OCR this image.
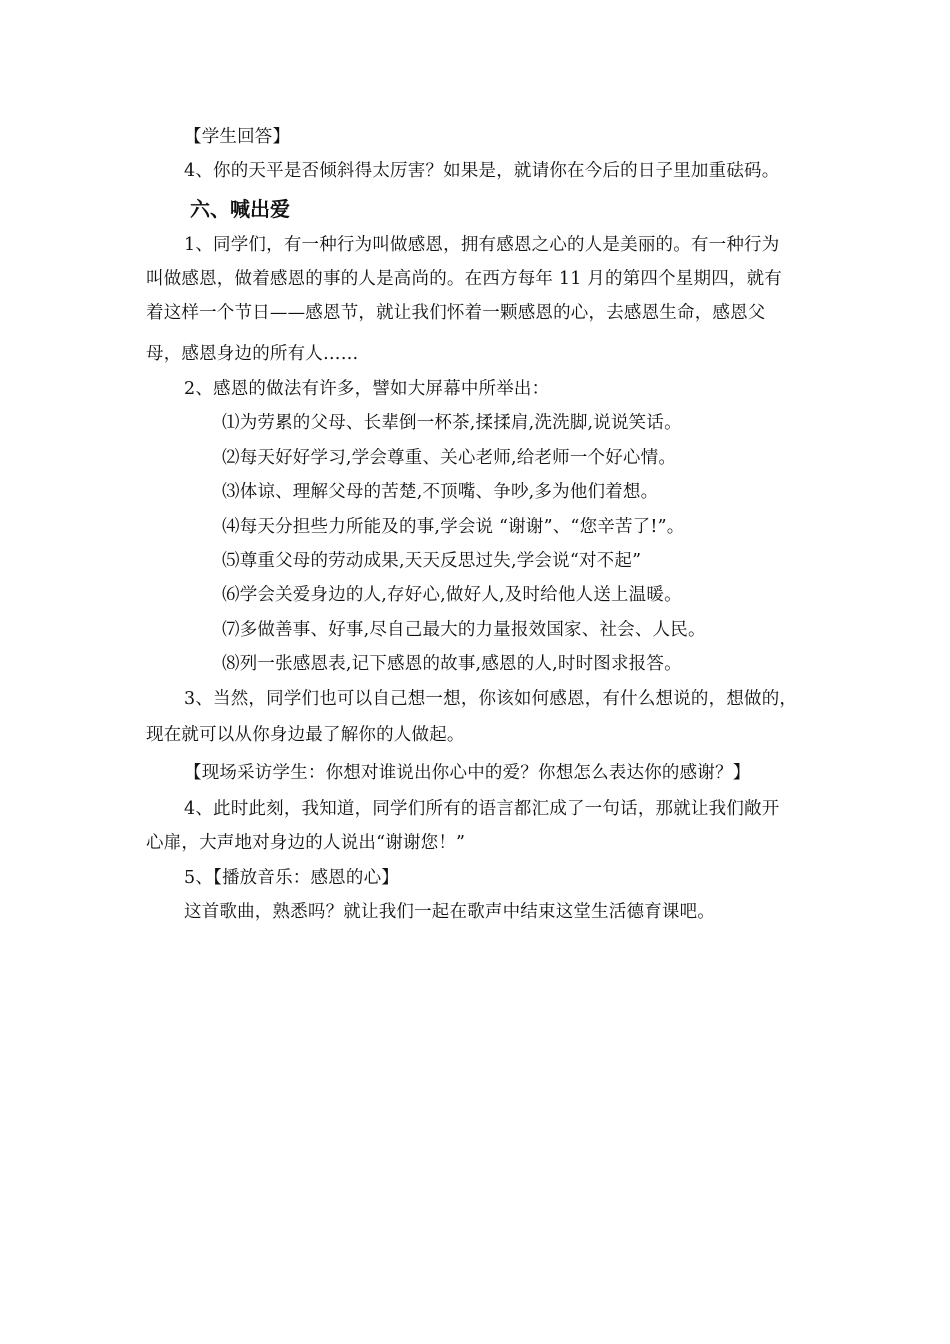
【学生回答】
4、你的天平是否倾斜得太厉害？如果是，就请你在今后的日子里加重砝码。
六、喊出爱
1、同学们，有一种行为叫做感恩，拥有感恩之心的人是美丽的。有一种行为
叫做感恩，做着感恩的事的人是高尚的。在西方每年 11 月的第四个星期四，就有
着这样一个节日——感恩节，就让我们怀着一颗感恩的心，去感恩生命，感恩父
母，感恩身边的所有人……
2、感恩的做法有许多，譬如大屏幕中所举出：
⑴为劳累的父母、长辈倒一杯茶,揉揉肩,洗洗脚,说说笑话。
⑵每天好好学习,学会尊重、关心老师,给老师一个好心情。
⑶体谅、理解父母的苦楚,不顶嘴、争吵,多为他们着想。
⑷每天分担些力所能及的事,学会说 “谢谢”、“您辛苦了!”。
⑸尊重父母的劳动成果,天天反思过失,学会说“对不起”
⑹学会关爱身边的人,存好心,做好人,及时给他人送上温暖。
⑺多做善事、好事,尽自己最大的力量报效国家、社会、人民。
⑻列一张感恩表,记下感恩的故事,感恩的人,时时图求报答。
3、当然，同学们也可以自己想一想，你该如何感恩，有什么想说的，想做的，
现在就可以从你身边最了解你的人做起。
【现场采访学生：你想对谁说出你心中的爱？你想怎么表达你的感谢？】
4、此时此刻，我知道，同学们所有的语言都汇成了一句话，那就让我们敞开
心扉，大声地对身边的人说出“谢谢您！”
5、【播放音乐：感恩的心】
这首歌曲，熟悉吗？就让我们一起在歌声中结束这堂生活德育课吧。
